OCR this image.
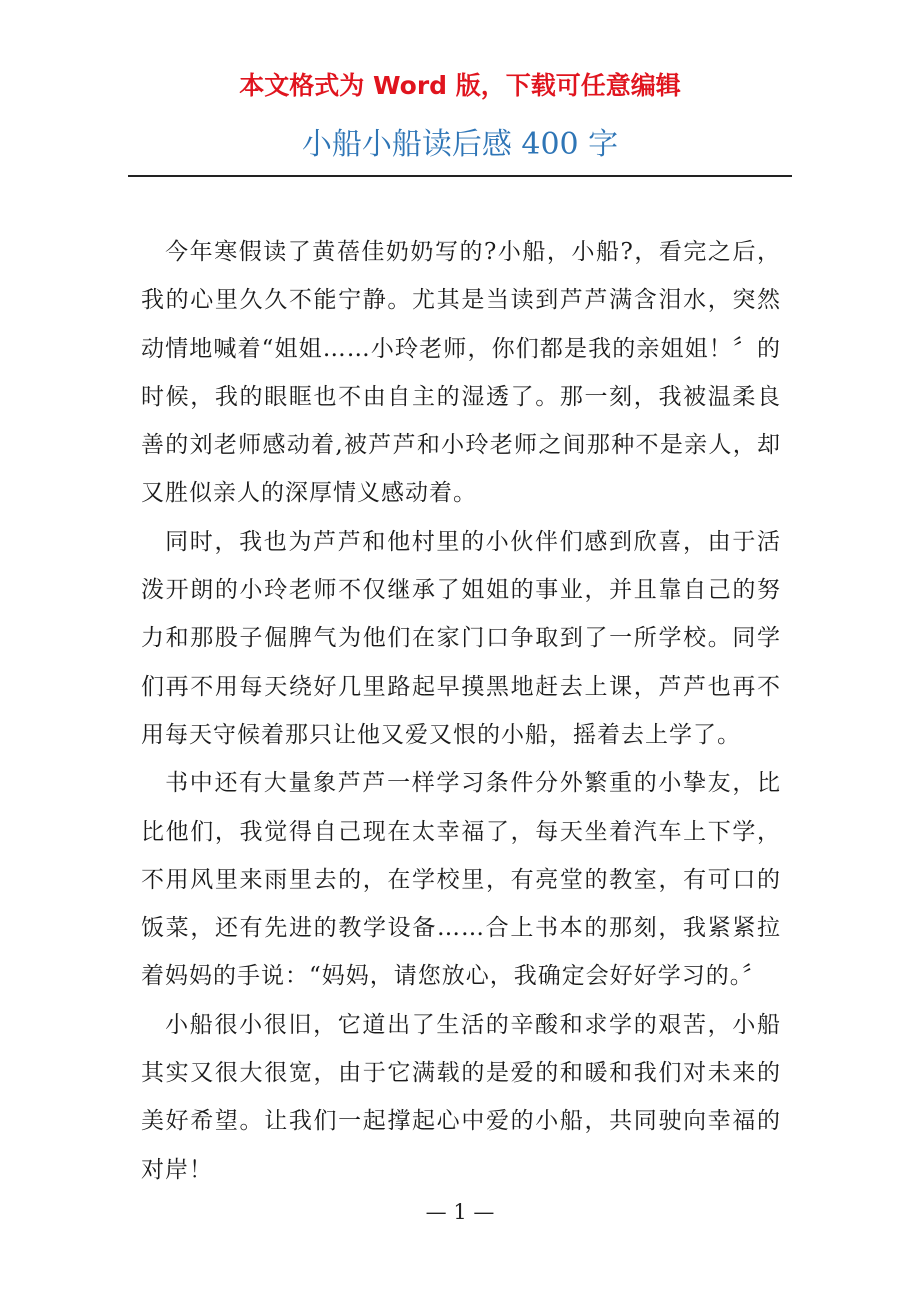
本文格式为 Word 版，下载可任意编辑
小船小船读后感 400 字

今年寒假读了黄蓓佳奶奶写的?小船，小船?，看完之后，我的心里久久不能宁静。尤其是当读到芦芦满含泪水，突然动情地喊着“姐姐……小玲老师，你们都是我的亲姐姐！〞的时候，我的眼眶也不由自主的湿透了。那一刻，我被温柔良善的刘老师感动着,被芦芦和小玲老师之间那种不是亲人，却又胜似亲人的深厚情义感动着。

同时，我也为芦芦和他村里的小伙伴们感到欣喜，由于活泼开朗的小玲老师不仅继承了姐姐的事业，并且靠自己的努力和那股子倔脾气为他们在家门口争取到了一所学校。同学们再不用每天绕好几里路起早摸黑地赶去上课，芦芦也再不用每天守候着那只让他又爱又恨的小船，摇着去上学了。

书中还有大量象芦芦一样学习条件分外繁重的小挚友，比比他们，我觉得自己现在太幸福了，每天坐着汽车上下学，不用风里来雨里去的，在学校里，有亮堂的教室，有可口的饭菜，还有先进的教学设备……合上书本的那刻，我紧紧拉着妈妈的手说：“妈妈，请您放心，我确定会好好学习的。〞

小船很小很旧，它道出了生活的辛酸和求学的艰苦，小船其实又很大很宽，由于它满载的是爱的和暖和我们对未来的美好希望。让我们一起撑起心中爱的小船，共同驶向幸福的对岸！

— 1 —
